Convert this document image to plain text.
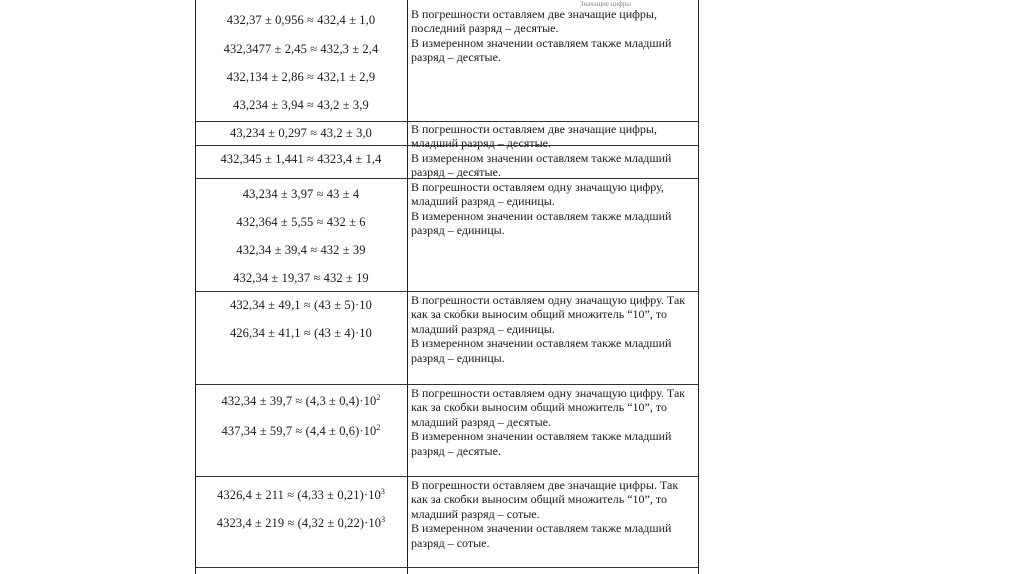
Значащие цифры
432,37 ± 0,956 ≈ 432,4 ± 1,0
432,3477 ± 2,45 ≈ 432,3 ± 2,4
432,134 ± 2,86 ≈ 432,1 ± 2,9
43,234 ± 3,94 ≈ 43,2 ± 3,9

В погрешности оставляем две значащие цифры, последний разряд – десятые.

В измеренном значении оставляем также младший разряд – десятые.

43,234 ± 0,297 ≈ 43,2 ± 3,0
432,345 ± 1,441 ≈ 4323,4 ± 1,4

В погрешности оставляем две значащие цифры, младший разряд – десятые.

В измеренном значении оставляем также младший разряд – десятые.

43,234 ± 3,97 ≈ 43 ± 4
432,364 ± 5,55 ≈ 432 ± 6
432,34 ± 39,4 ≈ 432 ± 39
432,34 ± 19,37 ≈ 432 ± 19

В погрешности оставляем одну значащую цифру, младший разряд – единицы.

В измеренном значении оставляем также младший разряд – единицы.

432,34 ± 49,1 ≈ (43 ± 5)·10
426,34 ± 41,1 ≈ (43 ± 4)·10

В погрешности оставляем одну значащую цифру. Так как за скобки выносим общий множитель “10”, то младший разряд – единицы.

В измеренном значении оставляем также младший разряд – единицы.

$432,34 \pm 39,7 \approx (4,3 \pm 0,4)\cdot 10^2$
$437,34 \pm 59,7 \approx (4,4 \pm 0,6)\cdot 10^2$

В погрешности оставляем одну значащую цифру. Так как за скобки выносим общий множитель “10”, то младший разряд – десятые.

В измеренном значении оставляем также младший разряд – десятые.

$4326,4 \pm 211 \approx (4,33 \pm 0,21)\cdot 10^3$
$4323,4 \pm 219 \approx (4,32 \pm 0,22)\cdot 10^3$

В погрешности оставляем две значащие цифры. Так как за скобки выносим общий множитель “10”, то младший разряд – сотые.

В измеренном значении оставляем также младший разряд – сотые.
